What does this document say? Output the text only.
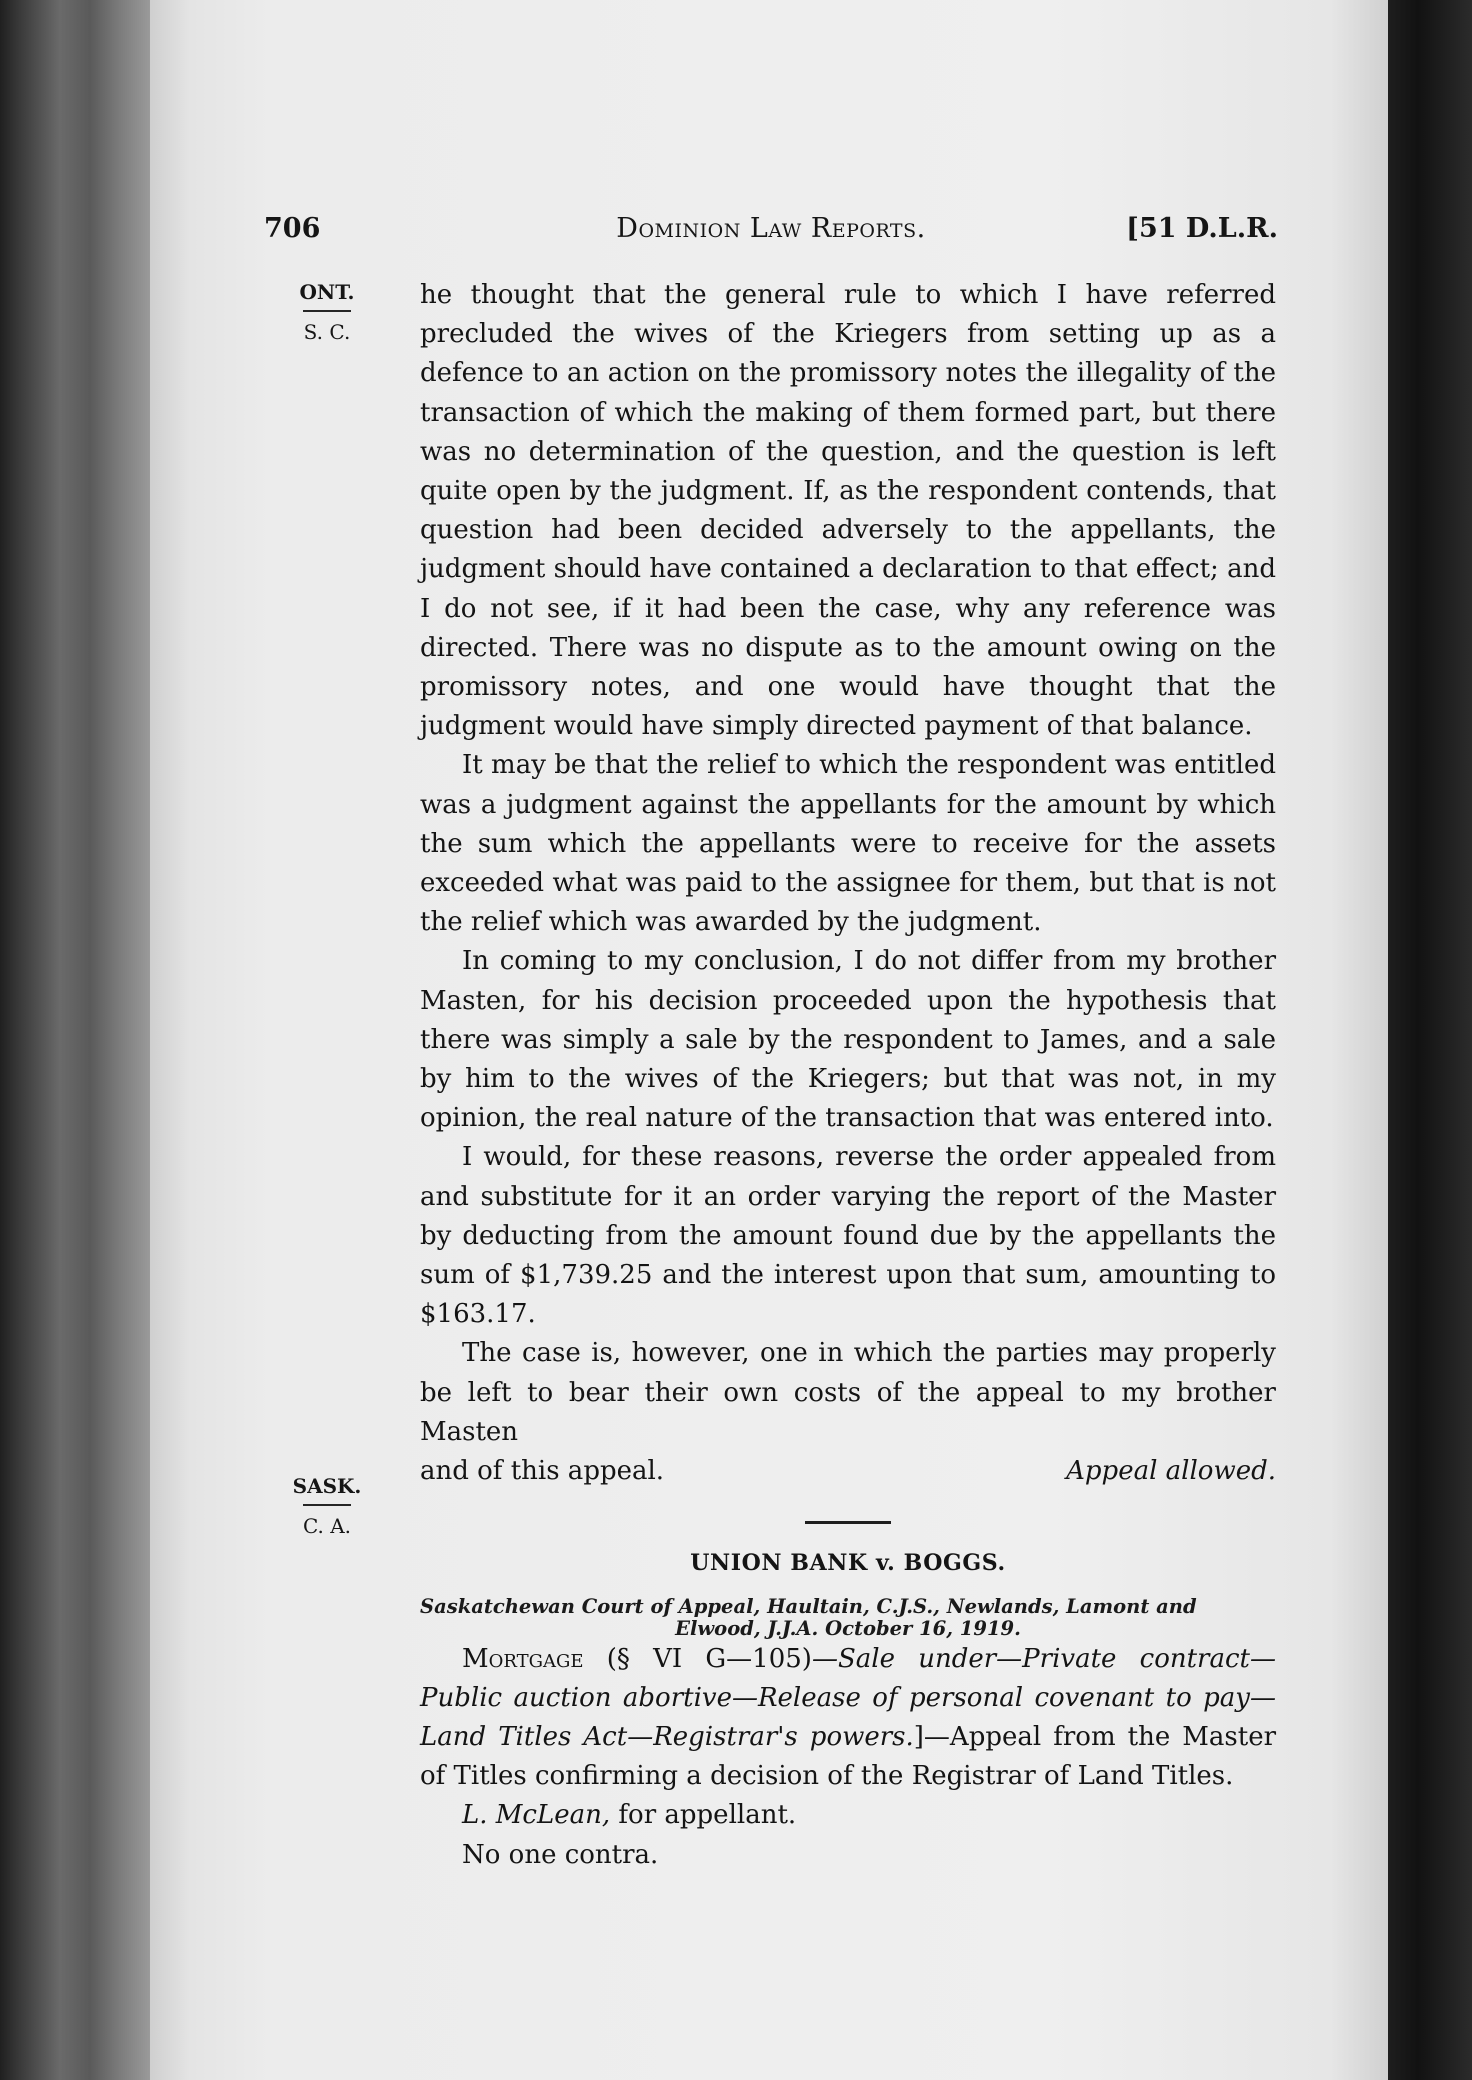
706	Dominion Law Reports.	[51 D.L.R.
ONT.
S. C.
SASK.
C. A.

he thought that the general rule to which I have referred precluded the wives of the Kriegers from setting up as a defence to an action on the promissory notes the illegality of the transaction of which the making of them formed part, but there was no determination of the question, and the question is left quite open by the judgment. If, as the respondent contends, that question had been decided adversely to the appellants, the judgment should have contained a declaration to that effect; and I do not see, if it had been the case, why any reference was directed. There was no dispute as to the amount owing on the promissory notes, and one would have thought that the judgment would have simply directed payment of that balance.

It may be that the relief to which the respondent was entitled was a judgment against the appellants for the amount by which the sum which the appellants were to receive for the assets exceeded what was paid to the assignee for them, but that is not the relief which was awarded by the judgment.

In coming to my conclusion, I do not differ from my brother Masten, for his decision proceeded upon the hypothesis that there was simply a sale by the respondent to James, and a sale by him to the wives of the Kriegers; but that was not, in my opinion, the real nature of the transaction that was entered into.

I would, for these reasons, reverse the order appealed from and substitute for it an order varying the report of the Master by deducting from the amount found due by the appellants the sum of $1,739.25 and the interest upon that sum, amounting to $163.17.

The case is, however, one in which the parties may properly be left to bear their own costs of the appeal to my brother Masten

and of this appeal.	Appeal allowed.

UNION BANK v. BOGGS.
Saskatchewan Court of Appeal, Haultain, C.J.S., Newlands, Lamont and
Elwood, J.J.A. October 16, 1919.

Mortgage (§ VI G—105)—Sale under—Private contract—Public auction abortive—Release of personal covenant to pay—Land Titles Act—Registrar's powers.]—Appeal from the Master of Titles confirming a decision of the Registrar of Land Titles.

L. McLean, for appellant.

No one contra.
